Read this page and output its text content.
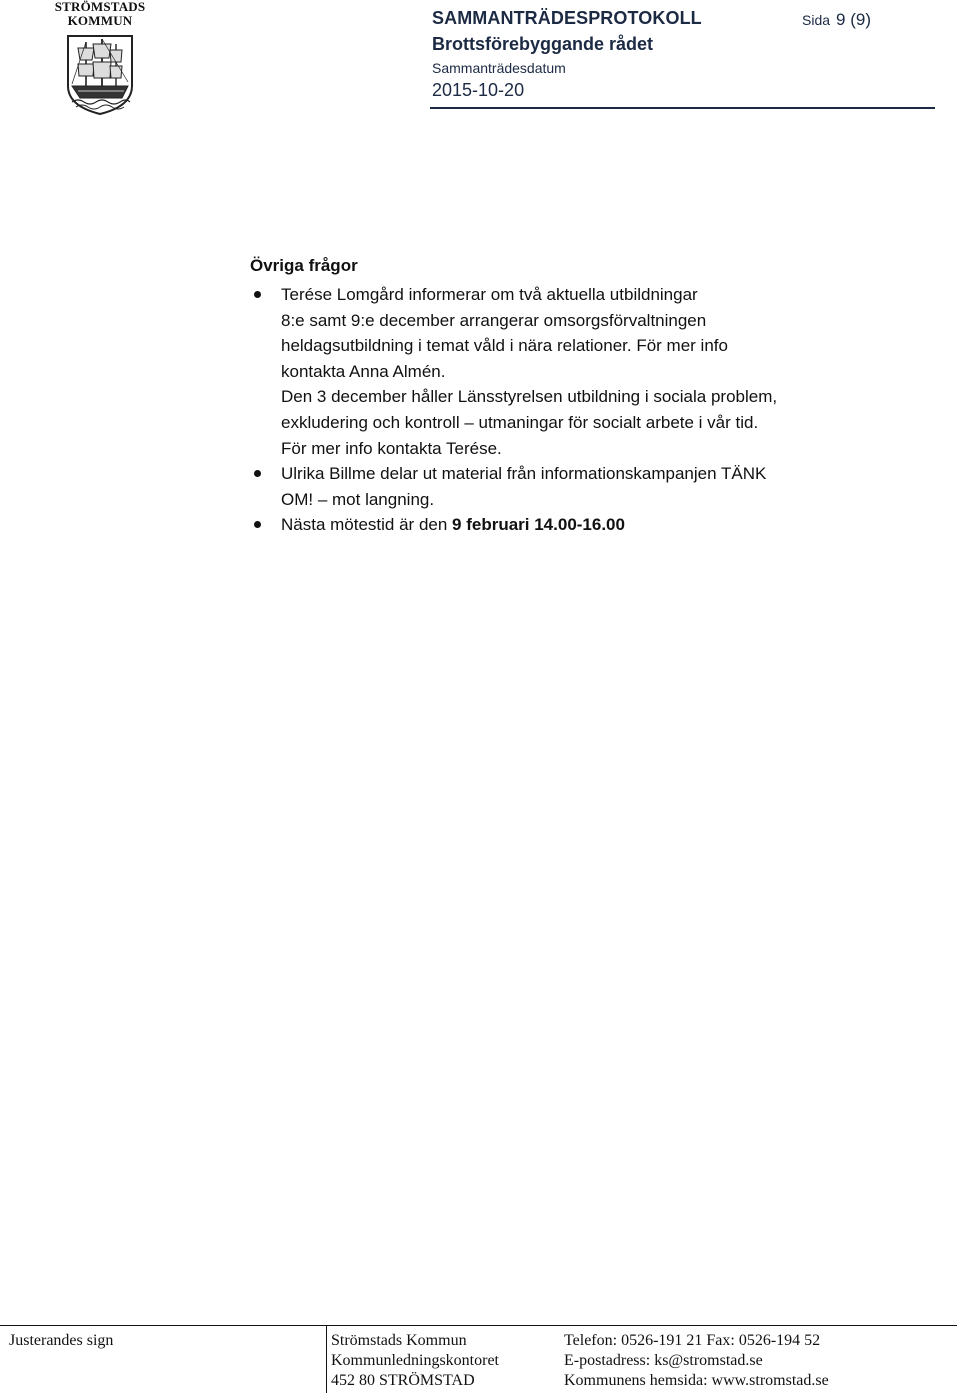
STRÖMSTADS
KOMMUN	SAMMANTRÄDESPROTOKOLL
Brottsförebyggande rådet
Sammanträdesdatum
2015-10-20
Sida 9 (9)
Övriga frågor
Terése Lomgård informerar om två aktuella utbildningar
8:e samt 9:e december arrangerar omsorgsförvaltningen
heldagsutbildning i temat våld i nära relationer. För mer info
kontakta Anna Almén.
Den 3 december håller Länsstyrelsen utbildning i sociala problem,
exkludering och kontroll – utmaningar för socialt arbete i vår tid.
För mer info kontakta Terése.
Ulrika Billme delar ut material från informationskampanjen TÄNK
OM! – mot langning.
Nästa mötestid är den 9 februari 14.00-16.00
Justerandes sign	Strömstads Kommun
Kommunledningskontoret
452 80 STRÖMSTAD
Telefon: 0526-191 21 Fax: 0526-194 52
E-postadress: ks@stromstad.se
Kommunens hemsida: www.stromstad.se
